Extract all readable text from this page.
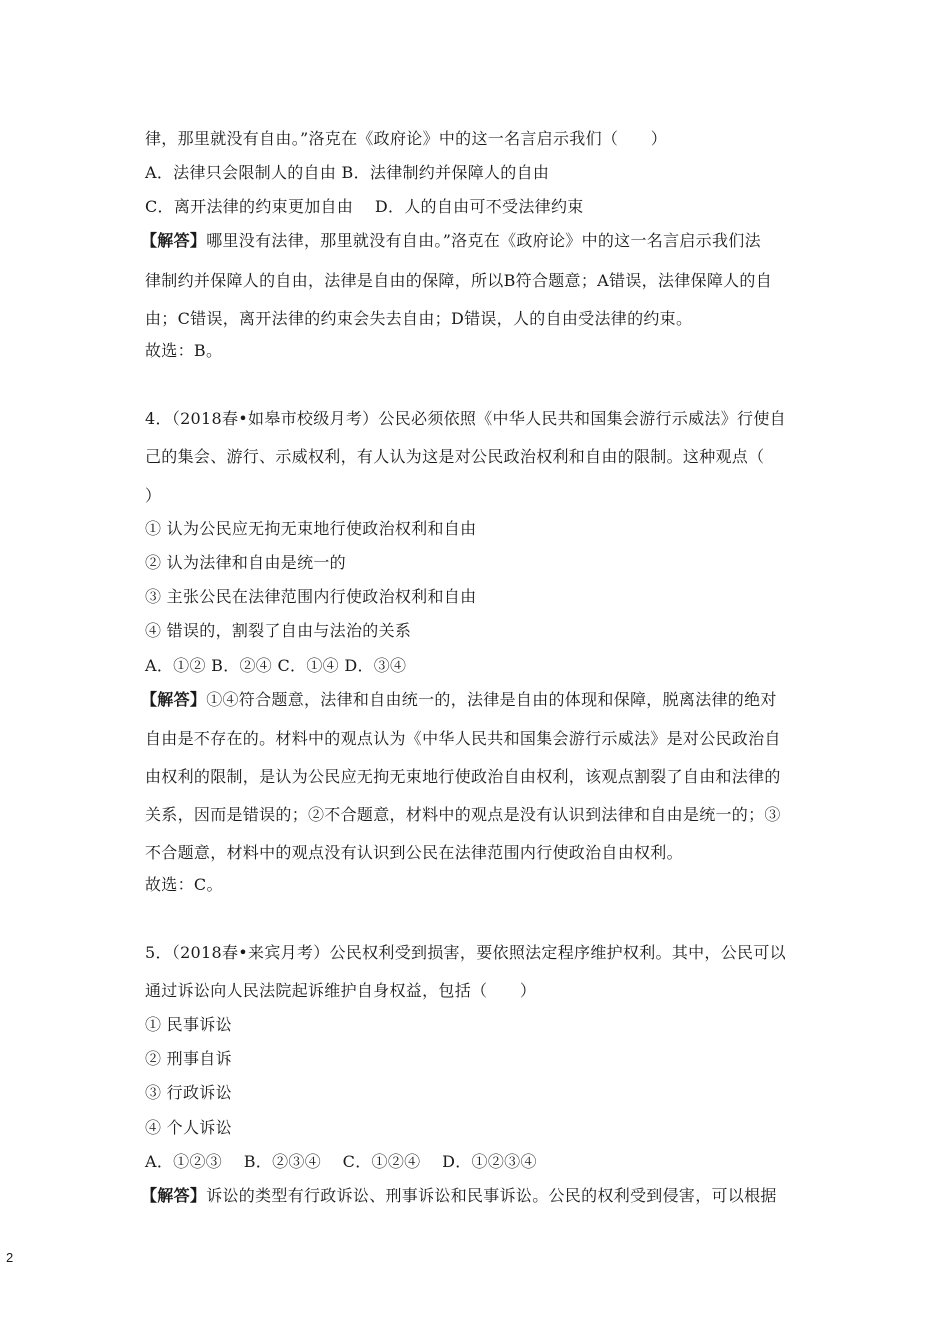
律，那里就没有自由。”洛克在《政府论》中的这一名言启示我们（　　）
A．法律只会限制人的自由 B．法律制约并保障人的自由
C．离开法律的约束更加自由　 D．人的自由可不受法律约束
【解答】哪里没有法律，那里就没有自由。”洛克在《政府论》中的这一名言启示我们法
律制约并保障人的自由，法律是自由的保障，所以B符合题意；A错误，法律保障人的自
由；C错误，离开法律的约束会失去自由；D错误，人的自由受法律的约束。
故选：B。
4．（2018春•如皋市校级月考）公民必须依照《中华人民共和国集会游行示威法》行使自
己的集会、游行、示威权利，有人认为这是对公民政治权利和自由的限制。这种观点（
）
① 认为公民应无拘无束地行使政治权利和自由
② 认为法律和自由是统一的
③ 主张公民在法律范围内行使政治权利和自由
④ 错误的，割裂了自由与法治的关系
A．①② B．②④ C．①④ D．③④
【解答】①④符合题意，法律和自由统一的，法律是自由的体现和保障，脱离法律的绝对
自由是不存在的。材料中的观点认为《中华人民共和国集会游行示威法》是对公民政治自
由权利的限制，是认为公民应无拘无束地行使政治自由权利，该观点割裂了自由和法律的
关系，因而是错误的；②不合题意，材料中的观点是没有认识到法律和自由是统一的；③
不合题意，材料中的观点没有认识到公民在法律范围内行使政治自由权利。
故选：C。
5．（2018春•来宾月考）公民权利受到损害，要依照法定程序维护权利。其中，公民可以
通过诉讼向人民法院起诉维护自身权益，包括（　　）
① 民事诉讼
② 刑事自诉
③ 行政诉讼
④ 个人诉讼
A．①②③　 B．②③④　 C．①②④　 D．①②③④
【解答】诉讼的类型有行政诉讼、刑事诉讼和民事诉讼。公民的权利受到侵害，可以根据
2
